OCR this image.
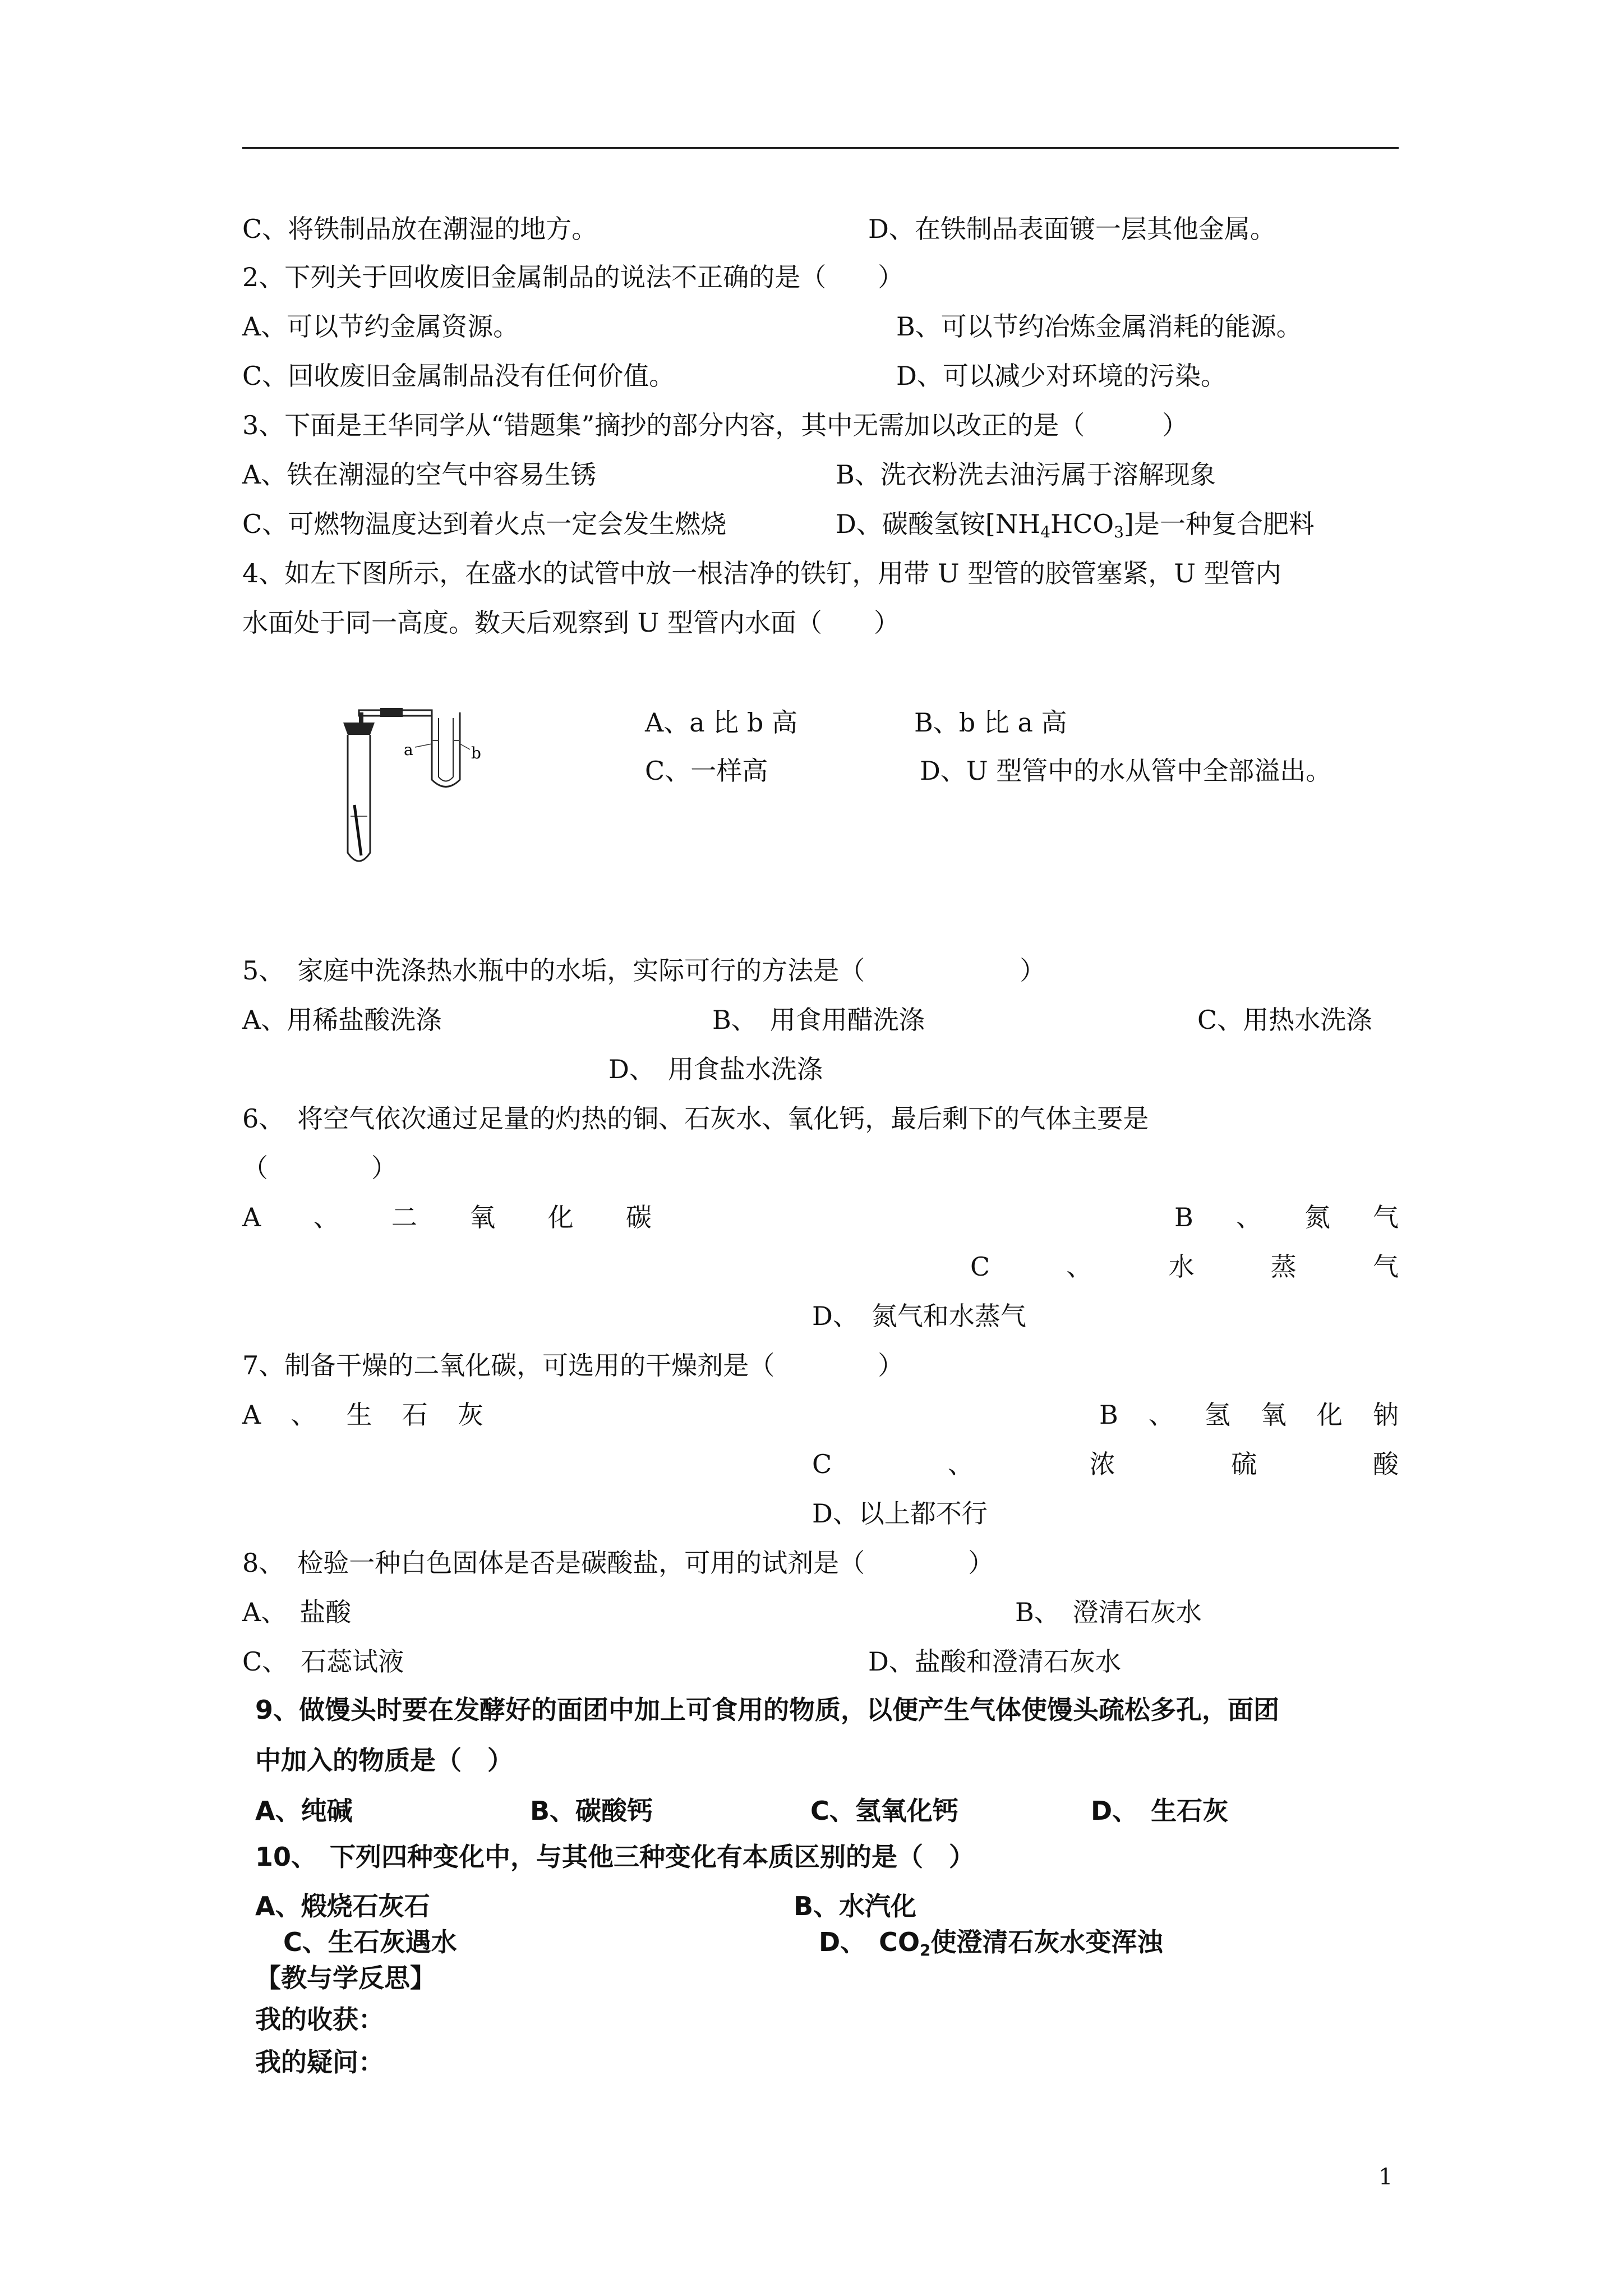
C、将铁制品放在潮湿的地方。	D、在铁制品表面镀一层其他金属。
2、下列关于回收废旧金属制品的说法不正确的是（　　）
A、可以节约金属资源。	B、可以节约冶炼金属消耗的能源。
C、回收废旧金属制品没有任何价值。	D、可以减少对环境的污染。
3、下面是王华同学从“错题集”摘抄的部分内容，其中无需加以改正的是（　　　）
A、铁在潮湿的空气中容易生锈	B、洗衣粉洗去油污属于溶解现象
C、可燃物温度达到着火点一定会发生燃烧	D、碳酸氢铵$[NH_4HCO_3]$是一种复合肥料
4、如左下图所示，在盛水的试管中放一根洁净的铁钉，用带 U 型管的胶管塞紧，U 型管内
水面处于同一高度。数天后观察到 U 型管内水面（　　）
a	b
A、a 比 b 高	B、b 比 a 高
C、一样高	D、U 型管中的水从管中全部溢出。
5、　家庭中洗涤热水瓶中的水垢，实际可行的方法是（　　　　　　）
A、用稀盐酸洗涤	B、　用食用醋洗涤	C、用热水洗涤
D、　用食盐水洗涤
6、　将空气依次通过足量的灼热的铜、石灰水、氧化钙，最后剩下的气体主要是
（　　　　）
A 、 二 氧 化 碳	B 、 氮 气
C	、	水	蒸	气
D、　氮气和水蒸气
7、制备干燥的二氧化碳，可选用的干燥剂是（　　　　）
A 、 生 石 灰	B 、 氢 氧 化 钠
C	、	浓	硫	酸
D、以上都不行
8、　检验一种白色固体是否是碳酸盐，可用的试剂是（　　　　）
A、　盐酸	B、　澄清石灰水
C、　石蕊试液	D、盐酸和澄清石灰水
9、做馒头时要在发酵好的面团中加上可食用的物质，以便产生气体使馒头疏松多孔，面团
中加入的物质是（　）
A、纯碱	B、碳酸钙	C、氢氧化钙	D、　生石灰
10、　下列四种变化中，与其他三种变化有本质区别的是（　）
A、煅烧石灰石	B、水汽化
C、生石灰遇水	D、　$CO_2$使澄清石灰水变浑浊
【教与学反思】
我的收获：
我的疑问：
1
